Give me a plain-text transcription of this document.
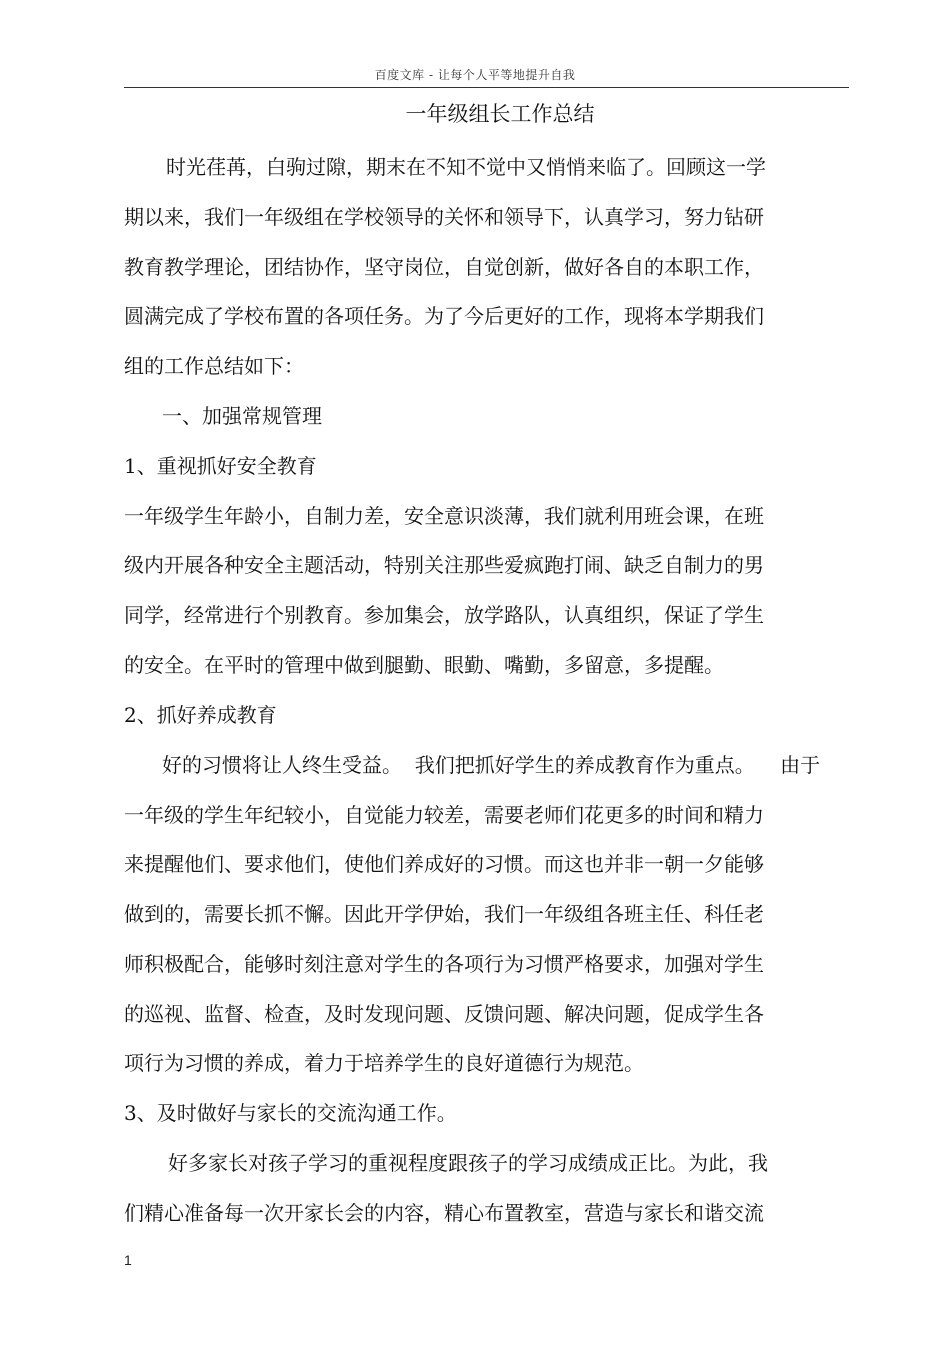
百度文库 - 让每个人平等地提升自我
一年级组长工作总结
时光荏苒，白驹过隙，期末在不知不觉中又悄悄来临了。回顾这一学
期以来，我们一年级组在学校领导的关怀和领导下，认真学习，努力钻研
教育教学理论，团结协作，坚守岗位，自觉创新，做好各自的本职工作，
圆满完成了学校布置的各项任务。为了今后更好的工作，现将本学期我们
组的工作总结如下：
一、加强常规管理
1、重视抓好安全教育
一年级学生年龄小，自制力差，安全意识淡薄，我们就利用班会课，在班
级内开展各种安全主题活动，特别关注那些爱疯跑打闹、缺乏自制力的男
同学，经常进行个别教育。参加集会，放学路队，认真组织，保证了学生
的安全。在平时的管理中做到腿勤、眼勤、嘴勤，多留意，多提醒。
2、抓好养成教育
好的习惯将让人终生受益。  我们把抓好学生的养成教育作为重点。    由于
一年级的学生年纪较小，自觉能力较差，需要老师们花更多的时间和精力
来提醒他们、要求他们，使他们养成好的习惯。而这也并非一朝一夕能够
做到的，需要长抓不懈。因此开学伊始，我们一年级组各班主任、科任老
师积极配合，能够时刻注意对学生的各项行为习惯严格要求，加强对学生
的巡视、监督、检查，及时发现问题、反馈问题、解决问题，促成学生各
项行为习惯的养成，着力于培养学生的良好道德行为规范。
3、及时做好与家长的交流沟通工作。
好多家长对孩子学习的重视程度跟孩子的学习成绩成正比。为此，我
们精心准备每一次开家长会的内容，精心布置教室，营造与家长和谐交流
1
